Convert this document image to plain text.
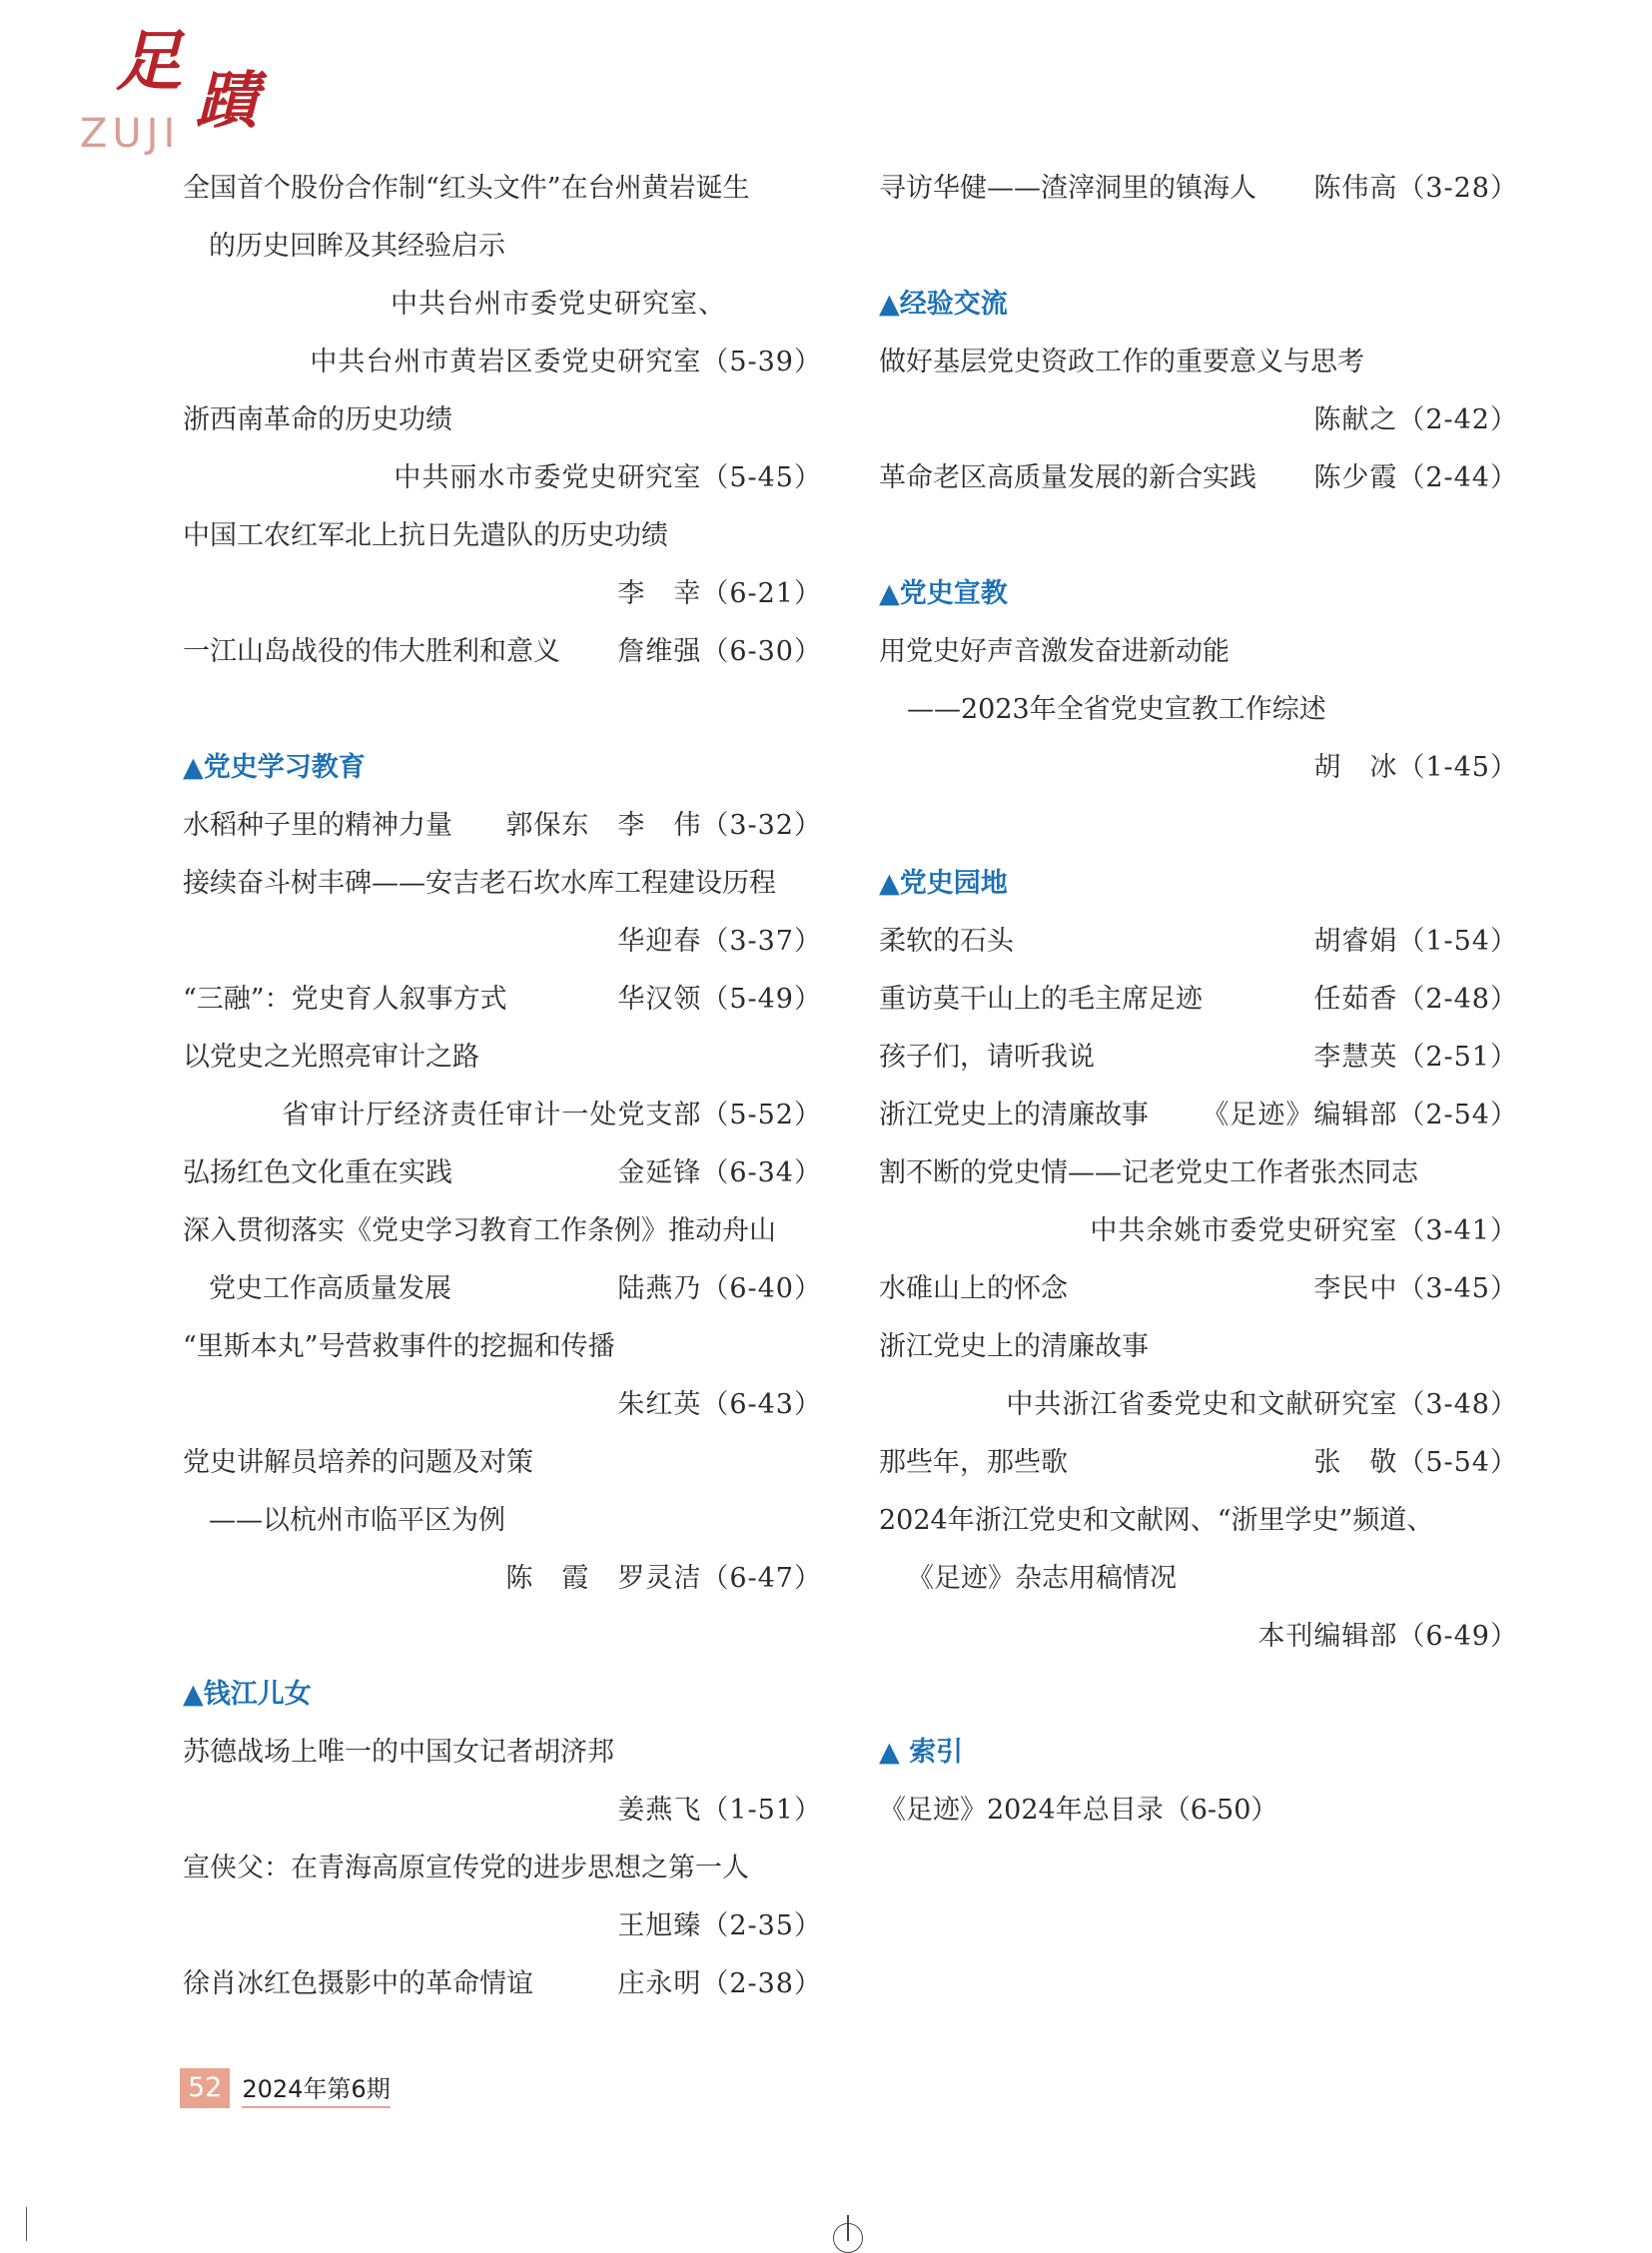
足
蹟
ZUJI
全国首个股份合作制“红头文件”在台州黄岩诞生
的历史回眸及其经验启示
中共台州市委党史研究室、
中共台州市黄岩区委党史研究室（5-39）
浙西南革命的历史功绩
中共丽水市委党史研究室（5-45）
中国工农红军北上抗日先遣队的历史功绩
李　幸（6-21）
一江山岛战役的伟大胜利和意义 詹维强（6-30）
▲党史学习教育
水稻种子里的精神力量 郭保东　李　伟（3-32）
接续奋斗树丰碑——安吉老石坎水库工程建设历程
华迎春（3-37）
“三融”：党史育人叙事方式	华汉领（5-49）
以党史之光照亮审计之路
省审计厅经济责任审计一处党支部（5-52）
弘扬红色文化重在实践	金延锋（6-34）
深入贯彻落实《党史学习教育工作条例》推动舟山
党史工作高质量发展	陆燕乃（6-40）
“里斯本丸”号营救事件的挖掘和传播
朱红英（6-43）
党史讲解员培养的问题及对策
——以杭州市临平区为例
陈　霞　罗灵洁（6-47）
▲钱江儿女
苏德战场上唯一的中国女记者胡济邦
姜燕飞（1-51）
宣侠父：在青海高原宣传党的进步思想之第一人
王旭臻（2-35）
徐肖冰红色摄影中的革命情谊	庄永明（2-38）
寻访华健——渣滓洞里的镇海人 陈伟高（3-28）
▲经验交流
做好基层党史资政工作的重要意义与思考
陈献之（2-42）
革命老区高质量发展的新合实践 陈少霞（2-44）
▲党史宣教
用党史好声音激发奋进新动能
——2023年全省党史宣教工作综述
胡　冰（1-45）
▲党史园地
柔软的石头	胡睿娟（1-54）
重访莫干山上的毛主席足迹	任茹香（2-48）
孩子们，请听我说	李慧英（2-51）
浙江党史上的清廉故事 《足迹》编辑部（2-54）
割不断的党史情——记老党史工作者张杰同志
中共余姚市委党史研究室（3-41）
水碓山上的怀念	李民中（3-45）
浙江党史上的清廉故事
中共浙江省委党史和文献研究室（3-48）
那些年，那些歌	张　敬（5-54）
2024年浙江党史和文献网、“浙里学史”频道、
《足迹》杂志用稿情况
本刊编辑部（6-49）
▲ 索引
《足迹》2024年总目录（6-50）
52 2024年第6期
